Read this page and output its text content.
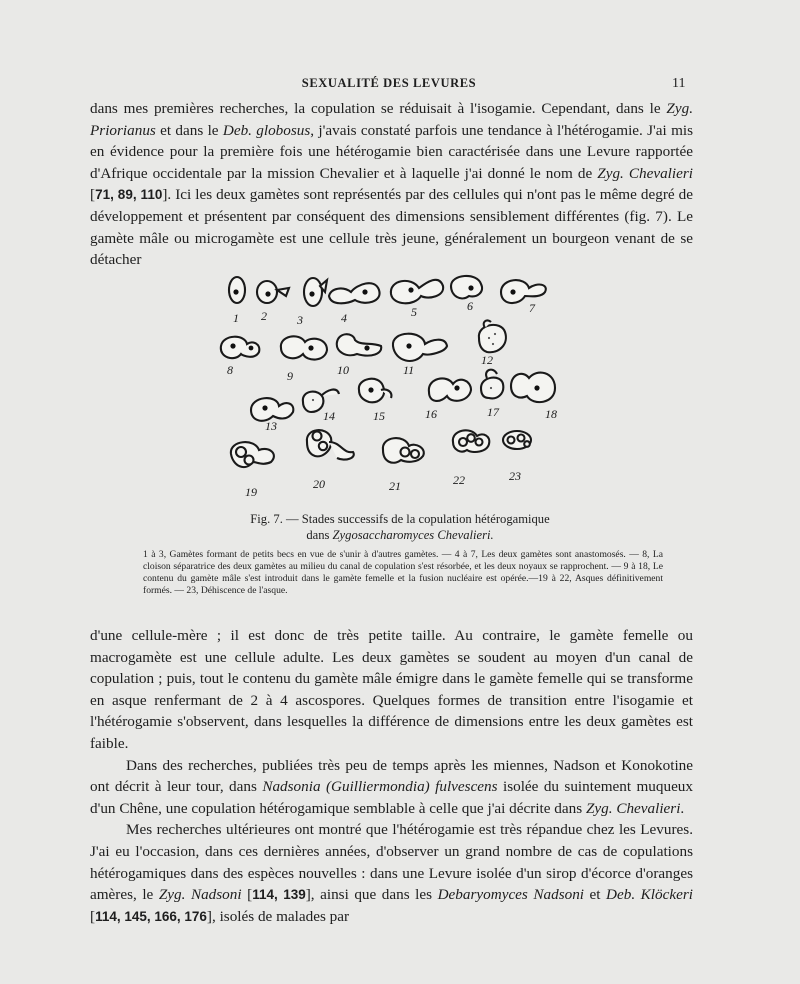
SEXUALITÉ DES LEVURES	11

dans mes premières recherches, la copulation se réduisait à l'isogamie. Cependant, dans le Zyg. Priorianus et dans le Deb. globosus, j'avais constaté parfois une tendance à l'hétérogamie. J'ai mis en évidence pour la première fois une hétérogamie bien caractérisée dans une Levure rapportée d'Afrique occidentale par la mission Chevalier et à laquelle j'ai donné le nom de Zyg. Chevalieri [71, 89, 110]. Ici les deux gamètes sont représentés par des cellules qui n'ont pas le même degré de développement et présentent par conséquent des dimensions sensiblement différentes (fig. 7). Le gamète mâle ou microgamète est une cellule très jeune, généralement un bourgeon venant de se détacher

1 2	3	4	5	6	7
8	9	10	11
12
13
14	15	16	17	18
19
20	21	22	23
Fig. 7. — Stades successifs de la copulation hétérogamique
dans Zygosaccharomyces Chevalieri.
1 à 3, Gamètes formant de petits becs en vue de s'unir à d'autres gamètes. — 4 à 7, Les deux gamètes sont anastomosés. — 8, La cloison séparatrice des deux gamètes au milieu du canal de copulation s'est résorbée, et les deux noyaux se rapprochent. — 9 à 18, Le contenu du gamète mâle s'est introduit dans le gamète femelle et la fusion nucléaire est opérée.—19 à 22, Asques définitivement formés. — 23, Déhiscence de l'asque.

d'une cellule-mère ; il est donc de très petite taille. Au contraire, le gamète femelle ou macrogamète est une cellule adulte. Les deux gamètes se soudent au moyen d'un canal de copulation ; puis, tout le contenu du gamète mâle émigre dans le gamète femelle qui se transforme en asque renfermant de 2 à 4 ascospores. Quelques formes de transition entre l'isogamie et l'hétérogamie s'observent, dans lesquelles la différence de dimensions entre les deux gamètes est faible.

Dans des recherches, publiées très peu de temps après les miennes, Nadson et Konokotine ont décrit à leur tour, dans Nadsonia (Guilliermondia) fulvescens isolée du suintement muqueux d'un Chêne, une copulation hétérogamique semblable à celle que j'ai décrite dans Zyg. Chevalieri.

Mes recherches ultérieures ont montré que l'hétérogamie est très répandue chez les Levures. J'ai eu l'occasion, dans ces dernières années, d'observer un grand nombre de cas de copulations hétérogamiques dans des espèces nouvelles : dans une Levure isolée d'un sirop d'écorce d'oranges amères, le Zyg. Nadsoni [114, 139], ainsi que dans les Debaryomyces Nadsoni et Deb. Klöckeri [114, 145, 166, 176], isolés de malades par
